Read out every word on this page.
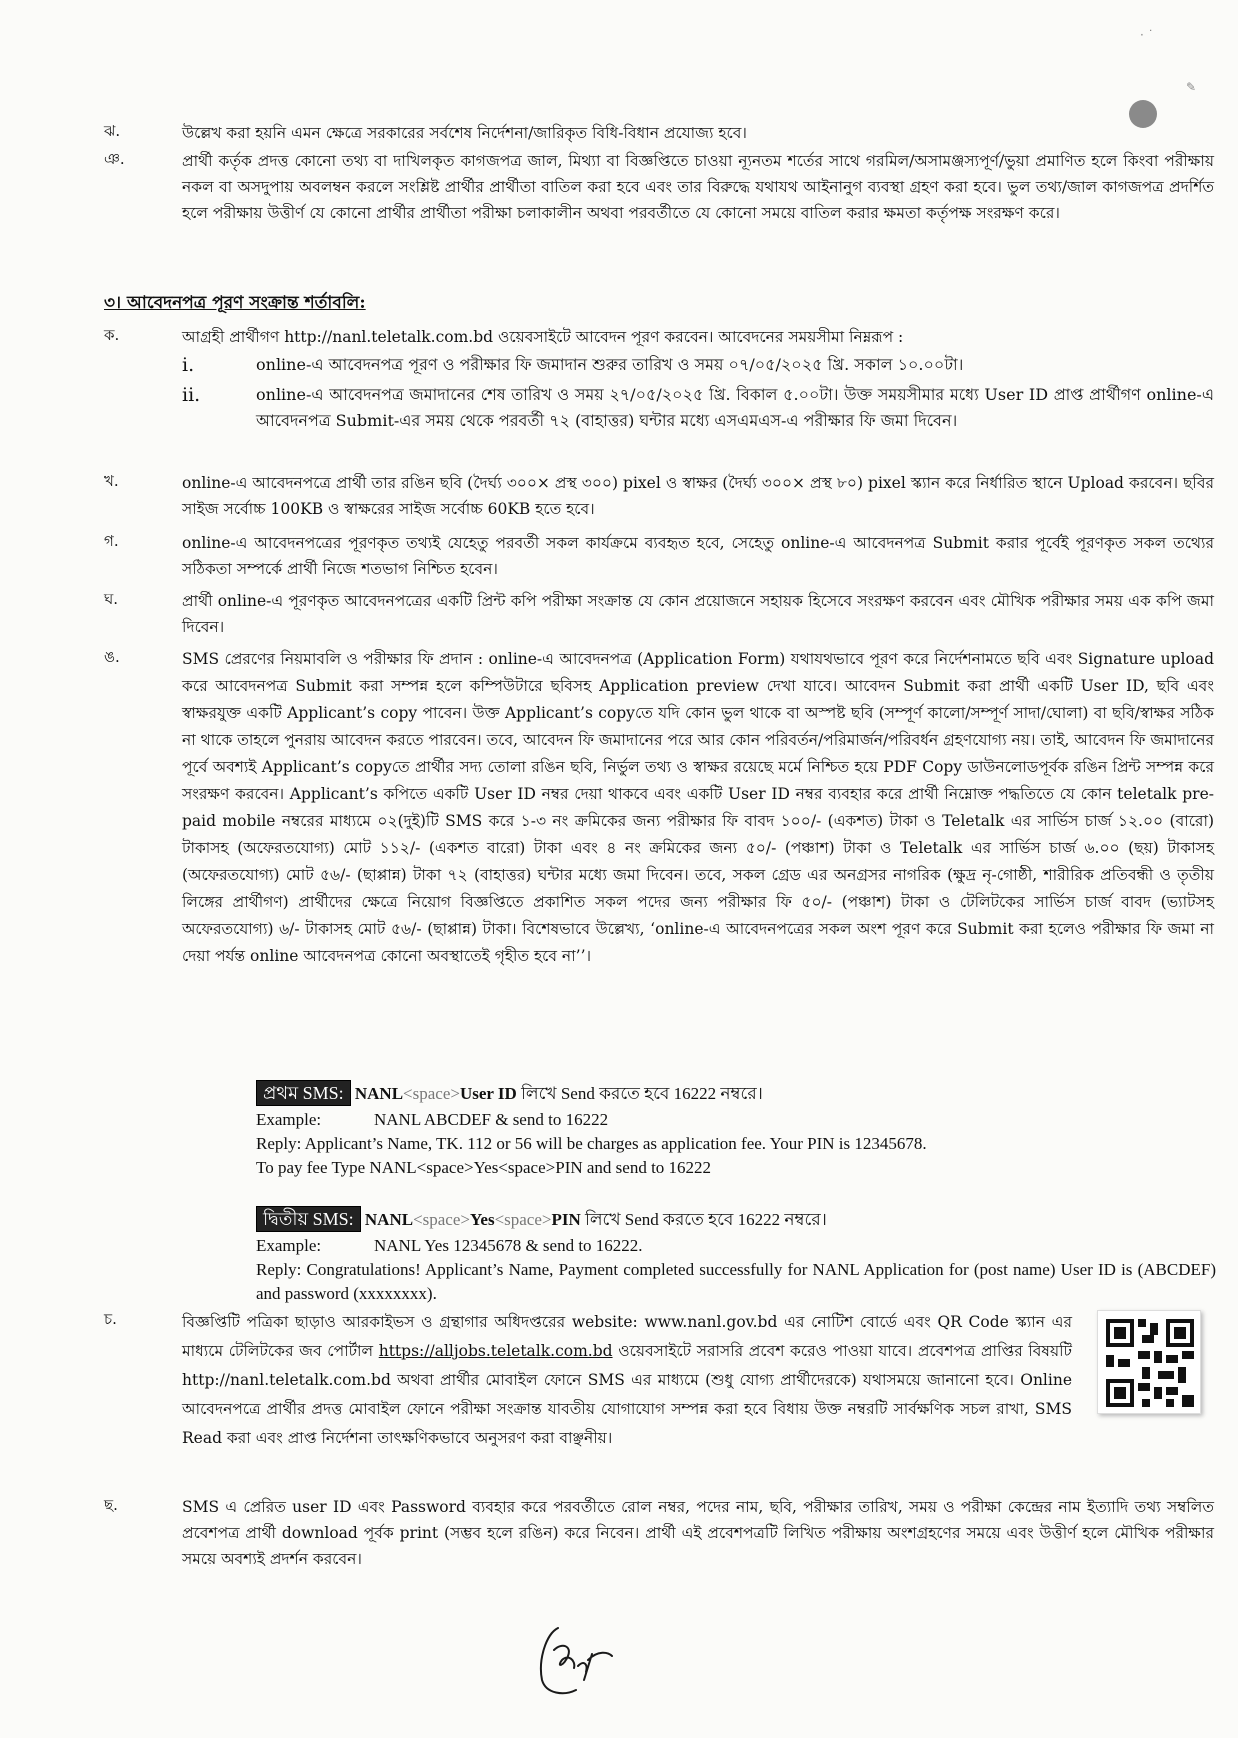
· ˙
✎
ঝ.	উল্লেখ করা হয়নি এমন ক্ষেত্রে সরকারের সর্বশেষ নির্দেশনা/জারিকৃত বিধি-বিধান প্রযোজ্য হবে।
ঞ.	প্রার্থী কর্তৃক প্রদত্ত কোনো তথ্য বা দাখিলকৃত কাগজপত্র জাল, মিথ্যা বা বিজ্ঞপ্তিতে চাওয়া ন্যূনতম শর্তের সাথে গরমিল/অসামঞ্জস্যপূর্ণ/ভুয়া প্রমাণিত হলে কিংবা পরীক্ষায় নকল বা অসদুপায় অবলম্বন করলে সংশ্লিষ্ট প্রার্থীর প্রার্থীতা বাতিল করা হবে এবং তার বিরুদ্ধে যথাযথ আইনানুগ ব্যবস্থা গ্রহণ করা হবে। ভুল তথ্য/জাল কাগজপত্র প্রদর্শিত হলে পরীক্ষায় উত্তীর্ণ যে কোনো প্রার্থীর প্রার্থীতা পরীক্ষা চলাকালীন অথবা পরবর্তীতে যে কোনো সময়ে বাতিল করার ক্ষমতা কর্তৃপক্ষ সংরক্ষণ করে।
৩। আবেদনপত্র পূরণ সংক্রান্ত শর্তাবলি:
ক.	আগ্রহী প্রার্থীগণ http://nanl.teletalk.com.bd ওয়েবসাইটে আবেদন পূরণ করবেন। আবেদনের সময়সীমা নিম্নরূপ :
i.	online-এ আবেদনপত্র পূরণ ও পরীক্ষার ফি জমাদান শুরুর তারিখ ও সময় ০৭/০৫/২০২৫ খ্রি. সকাল ১০.০০টা।
ii.	online-এ আবেদনপত্র জমাদানের শেষ তারিখ ও সময় ২৭/০৫/২০২৫ খ্রি. বিকাল ৫.০০টা। উক্ত সময়সীমার মধ্যে User ID প্রাপ্ত প্রার্থীগণ online-এ আবেদনপত্র Submit-এর সময় থেকে পরবর্তী ৭২ (বাহাত্তর) ঘন্টার মধ্যে এসএমএস-এ পরীক্ষার ফি জমা দিবেন।
খ.	online-এ আবেদনপত্রে প্রার্থী তার রঙিন ছবি (দৈর্ঘ্য ৩০০× প্রস্থ ৩০০) pixel ও স্বাক্ষর (দৈর্ঘ্য ৩০০× প্রস্থ ৮০) pixel স্ক্যান করে নির্ধারিত স্থানে Upload করবেন। ছবির সাইজ সর্বোচ্চ 100KB ও স্বাক্ষরের সাইজ সর্বোচ্চ 60KB হতে হবে।
গ.	online-এ আবেদনপত্রের পূরণকৃত তথ্যই যেহেতু পরবর্তী সকল কার্যক্রমে ব্যবহৃত হবে, সেহেতু online-এ আবেদনপত্র Submit করার পূর্বেই পূরণকৃত সকল তথ্যের সঠিকতা সম্পর্কে প্রার্থী নিজে শতভাগ নিশ্চিত হবেন।
ঘ.	প্রার্থী online-এ পূরণকৃত আবেদনপত্রের একটি প্রিন্ট কপি পরীক্ষা সংক্রান্ত যে কোন প্রয়োজনে সহায়ক হিসেবে সংরক্ষণ করবেন এবং মৌখিক পরীক্ষার সময় এক কপি জমা দিবেন।
ঙ.	SMS প্রেরণের নিয়মাবলি ও পরীক্ষার ফি প্রদান : online-এ আবেদনপত্র (Application Form) যথাযথভাবে পূরণ করে নির্দেশনামতে ছবি এবং Signature upload করে আবেদনপত্র Submit করা সম্পন্ন হলে কম্পিউটারে ছবিসহ Application preview দেখা যাবে। আবেদন Submit করা প্রার্থী একটি User ID, ছবি এবং স্বাক্ষরযুক্ত একটি Applicant’s copy পাবেন। উক্ত Applicant’s copyতে যদি কোন ভুল থাকে বা অস্পষ্ট ছবি (সম্পূর্ণ কালো/সম্পূর্ণ সাদা/ঘোলা) বা ছবি/স্বাক্ষর সঠিক না থাকে তাহলে পুনরায় আবেদন করতে পারবেন। তবে, আবেদন ফি জমাদানের পরে আর কোন পরিবর্তন/পরিমার্জন/পরিবর্ধন গ্রহণযোগ্য নয়। তাই, আবেদন ফি জমাদানের পূর্বে অবশ্যই Applicant’s copyতে প্রার্থীর সদ্য তোলা রঙিন ছবি, নির্ভুল তথ্য ও স্বাক্ষর রয়েছে মর্মে নিশ্চিত হয়ে PDF Copy ডাউনলোডপূর্বক রঙিন প্রিন্ট সম্পন্ন করে সংরক্ষণ করবেন। Applicant’s কপিতে একটি User ID নম্বর দেয়া থাকবে এবং একটি User ID নম্বর ব্যবহার করে প্রার্থী নিম্নোক্ত পদ্ধতিতে যে কোন teletalk pre-paid mobile নম্বরের মাধ্যমে ০২(দুই)টি SMS করে ১-৩ নং ক্রমিকের জন্য পরীক্ষার ফি বাবদ ১০০/- (একশত) টাকা ও Teletalk এর সার্ভিস চার্জ ১২.০০ (বারো) টাকাসহ (অফেরতযোগ্য) মোট ১১২/- (একশত বারো) টাকা এবং ৪ নং ক্রমিকের জন্য ৫০/- (পঞ্চাশ) টাকা ও Teletalk এর সার্ভিস চার্জ ৬.০০ (ছয়) টাকাসহ (অফেরতযোগ্য) মোট ৫৬/- (ছাপ্পান্ন) টাকা ৭২ (বাহাত্তর) ঘন্টার মধ্যে জমা দিবেন। তবে, সকল গ্রেড এর অনগ্রসর নাগরিক (ক্ষুদ্র নৃ-গোষ্ঠী, শারীরিক প্রতিবন্ধী ও তৃতীয় লিঙ্গের প্রার্থীগণ) প্রার্থীদের ক্ষেত্রে নিয়োগ বিজ্ঞপ্তিতে প্রকাশিত সকল পদের জন্য পরীক্ষার ফি ৫০/- (পঞ্চাশ) টাকা ও টেলিটকের সার্ভিস চার্জ বাবদ (ভ্যাটসহ অফেরতযোগ্য) ৬/- টাকাসহ মোট ৫৬/- (ছাপ্পান্ন) টাকা। বিশেষভাবে উল্লেখ্য, ‘online-এ আবেদনপত্রের সকল অংশ পূরণ করে Submit করা হলেও পরীক্ষার ফি জমা না দেয়া পর্যন্ত online আবেদনপত্র কোনো অবস্থাতেই গৃহীত হবে না’’।
প্রথম SMS: NANL<space>User ID লিখে Send করতে হবে 16222 নম্বরে।
Example:	NANL ABCDEF & send to 16222
Reply: Applicant’s Name, TK. 112 or 56 will be charges as application fee. Your PIN is 12345678.
To pay fee Type NANL<space>Yes<space>PIN and send to 16222
দ্বিতীয় SMS: NANL<space>Yes<space>PIN লিখে Send করতে হবে 16222 নম্বরে।
Example:	NANL Yes 12345678 & send to 16222.
Reply: Congratulations! Applicant’s Name, Payment completed successfully for NANL Application for (post name) User ID is (ABCDEF) and password (xxxxxxxx).
চ.	বিজ্ঞপ্তিটি পত্রিকা ছাড়াও আরকাইভস ও গ্রন্থাগার অধিদপ্তরের website: www.nanl.gov.bd এর নোটিশ বোর্ডে এবং QR Code স্ক্যান এর মাধ্যমে টেলিটকের জব পোর্টাল https://alljobs.teletalk.com.bd ওয়েবসাইটে সরাসরি প্রবেশ করেও পাওয়া যাবে। প্রবেশপত্র প্রাপ্তির বিষয়টি http://nanl.teletalk.com.bd অথবা প্রার্থীর মোবাইল ফোনে SMS এর মাধ্যমে (শুধু যোগ্য প্রার্থীদেরকে) যথাসময়ে জানানো হবে। Online আবেদনপত্রে প্রার্থীর প্রদত্ত মোবাইল ফোনে পরীক্ষা সংক্রান্ত যাবতীয় যোগাযোগ সম্পন্ন করা হবে বিধায় উক্ত নম্বরটি সার্বক্ষণিক সচল রাখা, SMS Read করা এবং প্রাপ্ত নির্দেশনা তাৎক্ষণিকভাবে অনুসরণ করা বাঞ্ছনীয়।
ছ.	SMS এ প্রেরিত user ID এবং Password ব্যবহার করে পরবর্তীতে রোল নম্বর, পদের নাম, ছবি, পরীক্ষার তারিখ, সময় ও পরীক্ষা কেন্দ্রের নাম ইত্যাদি তথ্য সম্বলিত প্রবেশপত্র প্রার্থী download পূর্বক print (সম্ভব হলে রঙিন) করে নিবেন। প্রার্থী এই প্রবেশপত্রটি লিখিত পরীক্ষায় অংশগ্রহণের সময়ে এবং উত্তীর্ণ হলে মৌখিক পরীক্ষার সময়ে অবশ্যই প্রদর্শন করবেন।
